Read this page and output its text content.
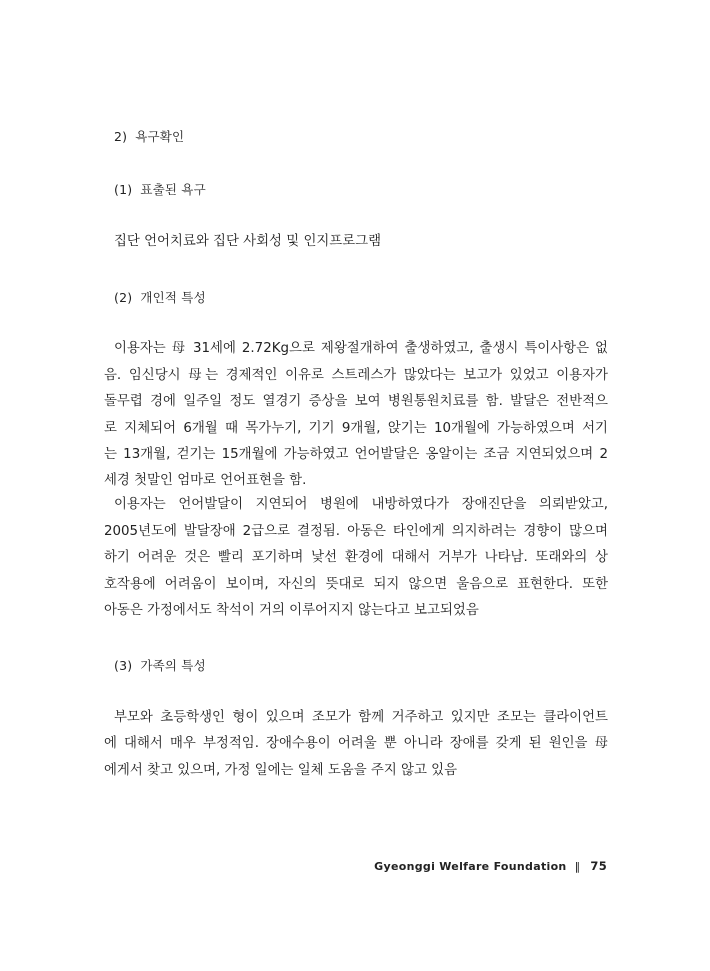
2) 욕구확인
(1) 표출된 욕구
집단 언어치료와 집단 사회성 및 인지프로그램
(2) 개인적 특성
이용자는 母 31세에 2.72Kg으로 제왕절개하여 출생하였고, 출생시 특이사항은 없
음. 임신당시 母는 경제적인 이유로 스트레스가 많았다는 보고가 있었고 이용자가
돌무렵 경에 일주일 정도 열경기 증상을 보여 병원통원치료를 함. 발달은 전반적으
로 지체되어 6개월 때 목가누기, 기기 9개월, 앉기는 10개월에 가능하였으며 서기
는 13개월, 걷기는 15개월에 가능하였고 언어발달은 옹알이는 조금 지연되었으며 2
세경 첫말인 엄마로 언어표현을 함.
이용자는 언어발달이 지연되어 병원에 내방하였다가 장애진단을 의뢰받았고,
2005년도에 발달장애 2급으로 결정됨. 아동은 타인에게 의지하려는 경향이 많으며
하기 어려운 것은 빨리 포기하며 낯선 환경에 대해서 거부가 나타남. 또래와의 상
호작용에 어려움이 보이며, 자신의 뜻대로 되지 않으면 울음으로 표현한다. 또한
아동은 가정에서도 착석이 거의 이루어지지 않는다고 보고되었음
(3) 가족의 특성
부모와 초등학생인 형이 있으며 조모가 함께 거주하고 있지만 조모는 클라이언트
에 대해서 매우 부정적임. 장애수용이 어려울 뿐 아니라 장애를 갖게 된 원인을 母
에게서 찾고 있으며, 가정 일에는 일체 도움을 주지 않고 있음
Gyeonggi Welfare Foundation ‖ 75
